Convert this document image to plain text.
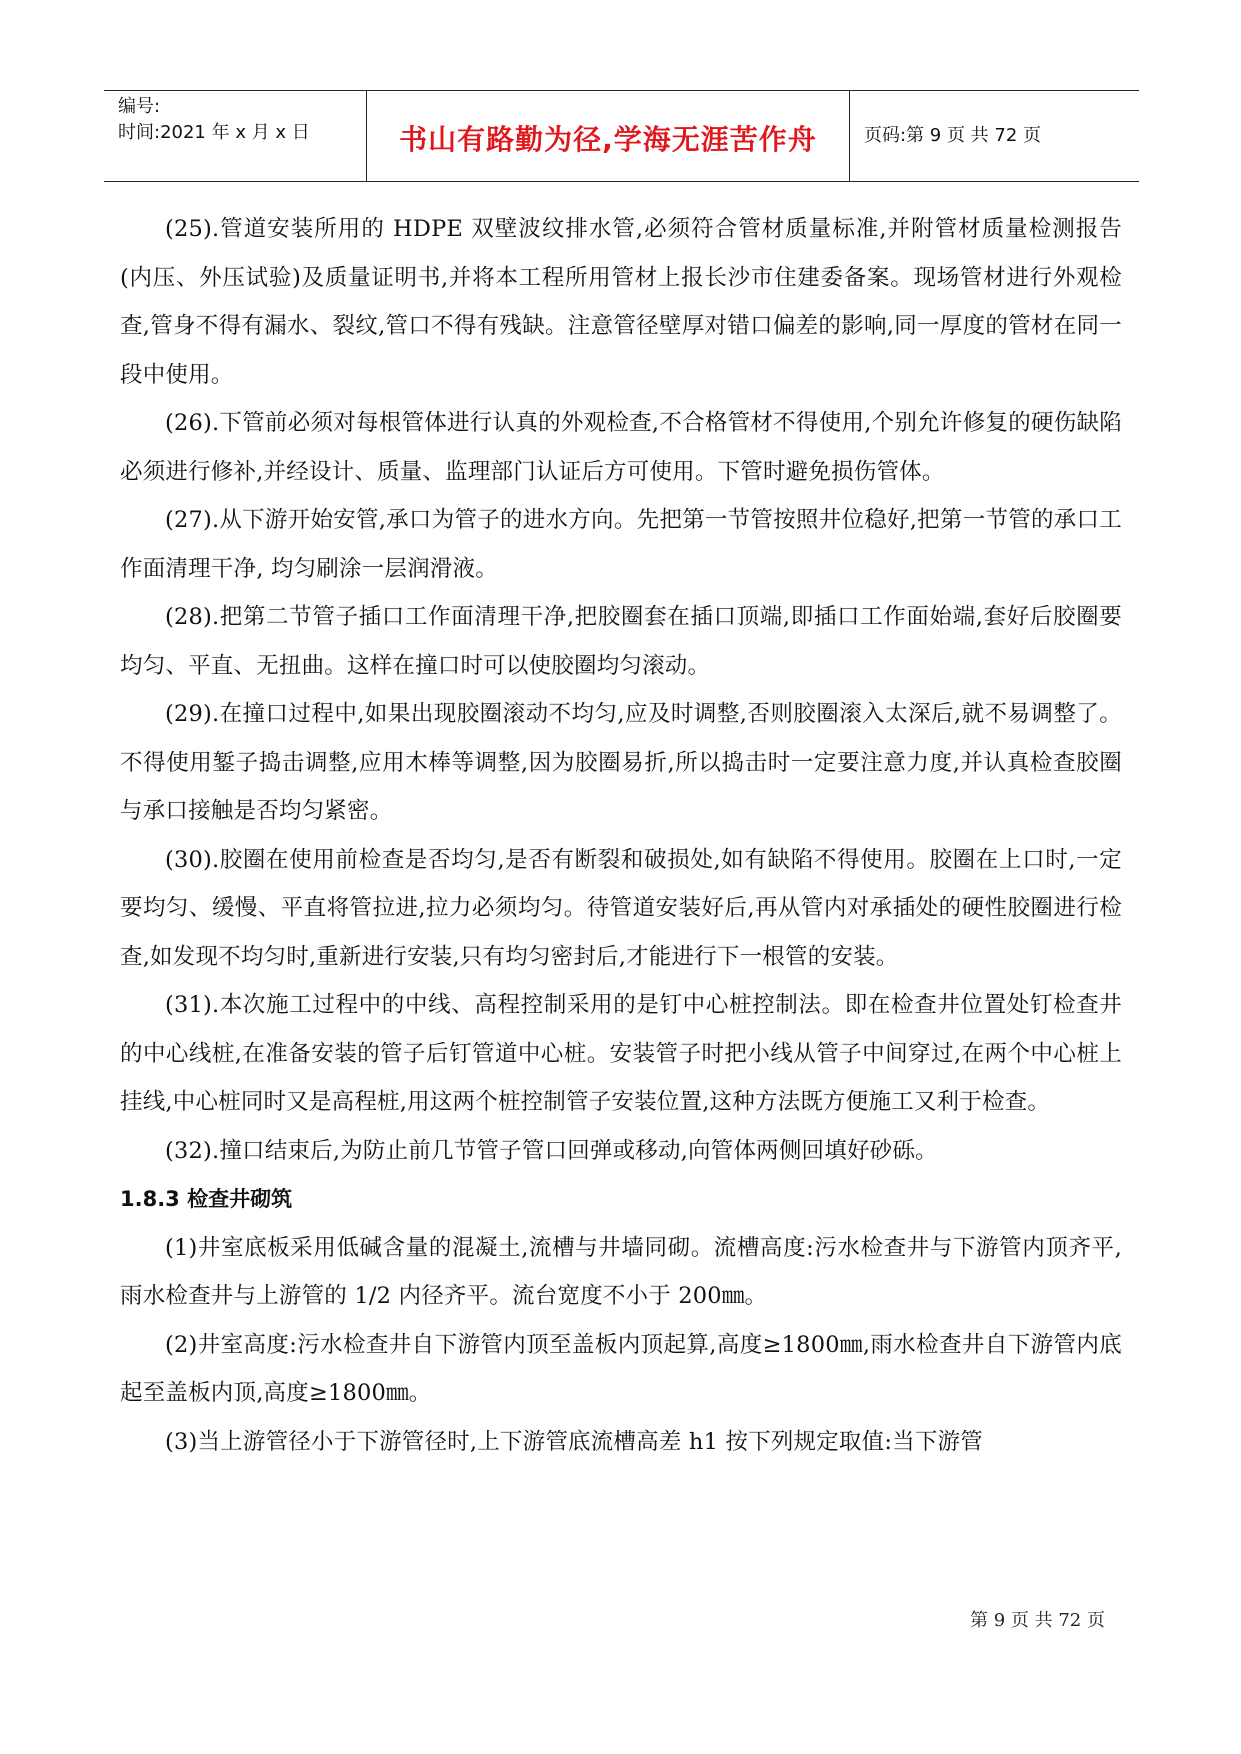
编号:
时间:2021 年 x 月 x 日	书山有路勤为径,学海无涯苦作舟	页码:第 9 页 共 72 页

(25).管道安装所用的 HDPE 双壁波纹排水管,必须符合管材质量标准,并附管材质量检测报告(内压、外压试验)及质量证明书,并将本工程所用管材上报长沙市住建委备案。现场管材进行外观检查,管身不得有漏水、裂纹,管口不得有残缺。注意管径壁厚对错口偏差的影响,同一厚度的管材在同一段中使用。

(26).下管前必须对每根管体进行认真的外观检查,不合格管材不得使用,个别允许修复的硬伤缺陷必须进行修补,并经设计、质量、监理部门认证后方可使用。下管时避免损伤管体。

(27).从下游开始安管,承口为管子的进水方向。先把第一节管按照井位稳好,把第一节管的承口工作面清理干净, 均匀刷涂一层润滑液。

(28).把第二节管子插口工作面清理干净,把胶圈套在插口顶端,即插口工作面始端,套好后胶圈要均匀、平直、无扭曲。这样在撞口时可以使胶圈均匀滚动。

(29).在撞口过程中,如果出现胶圈滚动不均匀,应及时调整,否则胶圈滚入太深后,就不易调整了。不得使用錾子捣击调整,应用木棒等调整,因为胶圈易折,所以捣击时一定要注意力度,并认真检查胶圈与承口接触是否均匀紧密。

(30).胶圈在使用前检查是否均匀,是否有断裂和破损处,如有缺陷不得使用。胶圈在上口时,一定要均匀、缓慢、平直将管拉进,拉力必须均匀。待管道安装好后,再从管内对承插处的硬性胶圈进行检查,如发现不均匀时,重新进行安装,只有均匀密封后,才能进行下一根管的安装。

(31).本次施工过程中的中线、高程控制采用的是钉中心桩控制法。即在检查井位置处钉检查井的中心线桩,在准备安装的管子后钉管道中心桩。安装管子时把小线从管子中间穿过,在两个中心桩上挂线,中心桩同时又是高程桩,用这两个桩控制管子安装位置,这种方法既方便施工又利于检查。

(32).撞口结束后,为防止前几节管子管口回弹或移动,向管体两侧回填好砂砾。

1.8.3 检查井砌筑

(1)井室底板采用低碱含量的混凝土,流槽与井墙同砌。流槽高度:污水检查井与下游管内顶齐平,雨水检查井与上游管的 1/2 内径齐平。流台宽度不小于 200㎜。

(2)井室高度:污水检查井自下游管内顶至盖板内顶起算,高度≥1800㎜,雨水检查井自下游管内底起至盖板内顶,高度≥1800㎜。

(3)当上游管径小于下游管径时,上下游管底流槽高差 h1 按下列规定取值:当下游管

第 9 页 共 72 页
